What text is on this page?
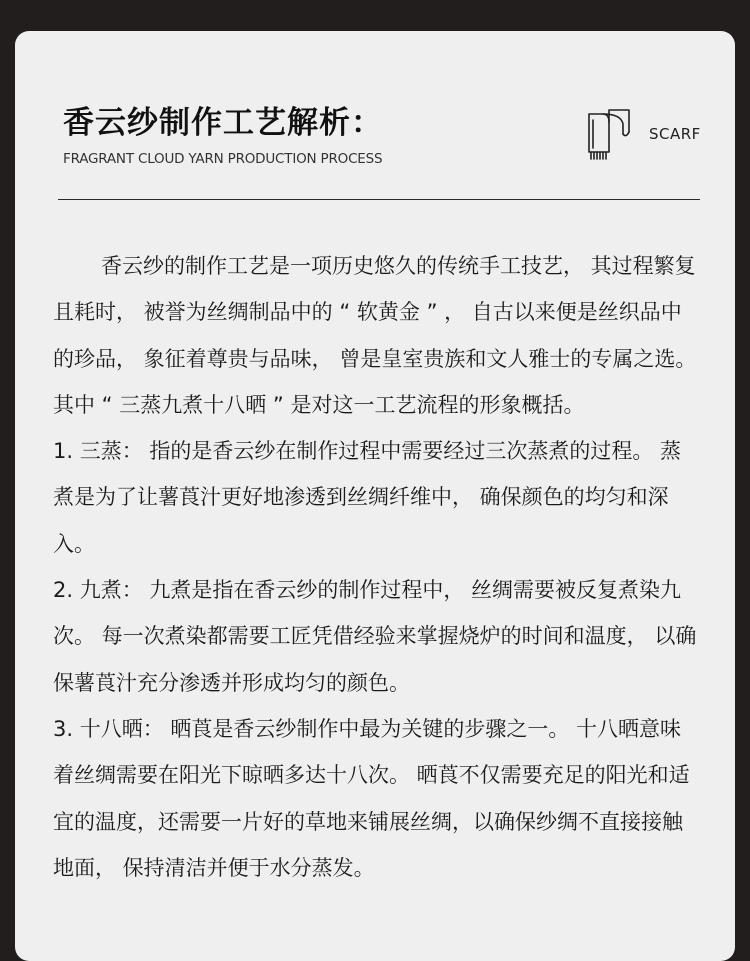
香云纱制作工艺解析：
FRAGRANT CLOUD YARN PRODUCTION PROCESS
SCARF

香云纱的制作工艺是一项历史悠久的传统手工技艺， 其过程繁复且耗时， 被誉为丝绸制品中的 “ 软黄金 ” ， 自古以来便是丝织品中的珍品， 象征着尊贵与品味， 曾是皇室贵族和文人雅士的专属之选。 其中 “ 三蒸九煮十八晒 ” 是对这一工艺流程的形象概括。

1. 三蒸： 指的是香云纱在制作过程中需要经过三次蒸煮的过程。 蒸煮是为了让薯莨汁更好地渗透到丝绸纤维中， 确保颜色的均匀和深入。

2. 九煮： 九煮是指在香云纱的制作过程中， 丝绸需要被反复煮染九次。 每一次煮染都需要工匠凭借经验来掌握烧炉的时间和温度， 以确保薯莨汁充分渗透并形成均匀的颜色。

3. 十八晒： 晒莨是香云纱制作中最为关键的步骤之一。 十八晒意味着丝绸需要在阳光下晾晒多达十八次。 晒莨不仅需要充足的阳光和适宜的温度，还需要一片好的草地来铺展丝绸，以确保纱绸不直接接触地面， 保持清洁并便于水分蒸发。
